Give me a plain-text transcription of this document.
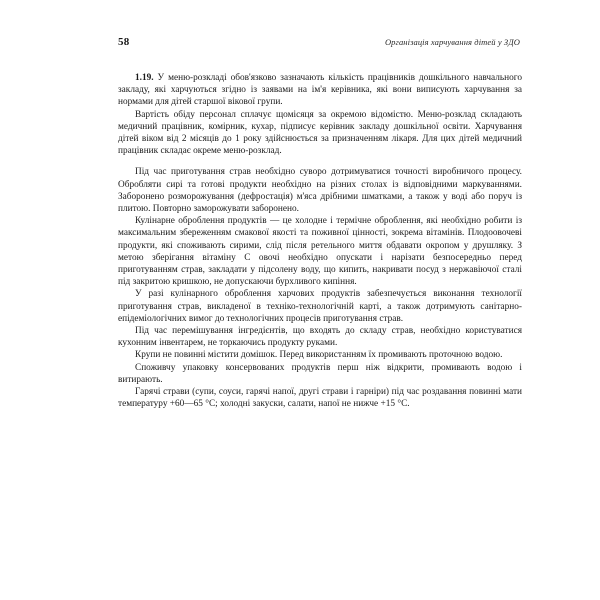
58	Організація харчування дітей у ЗДО

1.19. У меню-розкладі обов'язково зазначають кількість працівників дошкільного навчального закладу, які харчуються згідно із заявами на ім'я керівника, які вони виписують харчування за нормами для дітей старшої вікової групи.

Вартість обіду персонал сплачує щомісяця за окремою відомістю. Меню-розклад складають медичний працівник, комірник, кухар, підписує керівник закладу дошкільної освіти. Харчування дітей віком від 2 місяців до 1 року здійснюється за призначенням лікаря. Для цих дітей медичний працівник складає окреме меню-розклад.

Під час приготування страв необхідно суворо дотримуватися точності виробничого процесу. Обробляти сирі та готові продукти необхідно на різних столах із відповідними маркуваннями. Заборонено розморожування (дефростація) м'яса дрібними шматками, а також у воді або поруч із плитою. Повторно заморожувати заборонено.

Кулінарне оброблення продуктів — це холодне і термічне оброблення, які необхідно робити із максимальним збереженням смакової якості та поживної цінності, зокрема вітамінів. Плодоовочеві продукти, які споживають сирими, слід після ретельного миття обдавати окропом у друшляку. З метою зберігання вітаміну С овочі необхідно опускати і нарізати безпосередньо перед приготуванням страв, закладати у підсолену воду, що кипить, накривати посуд з нержавіючої сталі під закритою кришкою, не допускаючи бурхливого кипіння.

У разі кулінарного оброблення харчових продуктів забезпечується виконання технології приготування страв, викладеної в техніко-технологічній карті, а також дотримують санітарно-епідеміологічних вимог до технологічних процесів приготування страв.

Під час перемішування інгредієнтів, що входять до складу страв, необхідно користуватися кухонним інвентарем, не торкаючись продукту руками.

Крупи не повинні містити домішок. Перед використанням їх промивають проточною водою.

Споживчу упаковку консервованих продуктів перш ніж відкрити, промивають водою і витирають.

Гарячі страви (супи, соуси, гарячі напої, другі страви і гарніри) під час роздавання повинні мати температуру +60—65 °С; холодні закуски, салати, напої не нижче +15 °С.
